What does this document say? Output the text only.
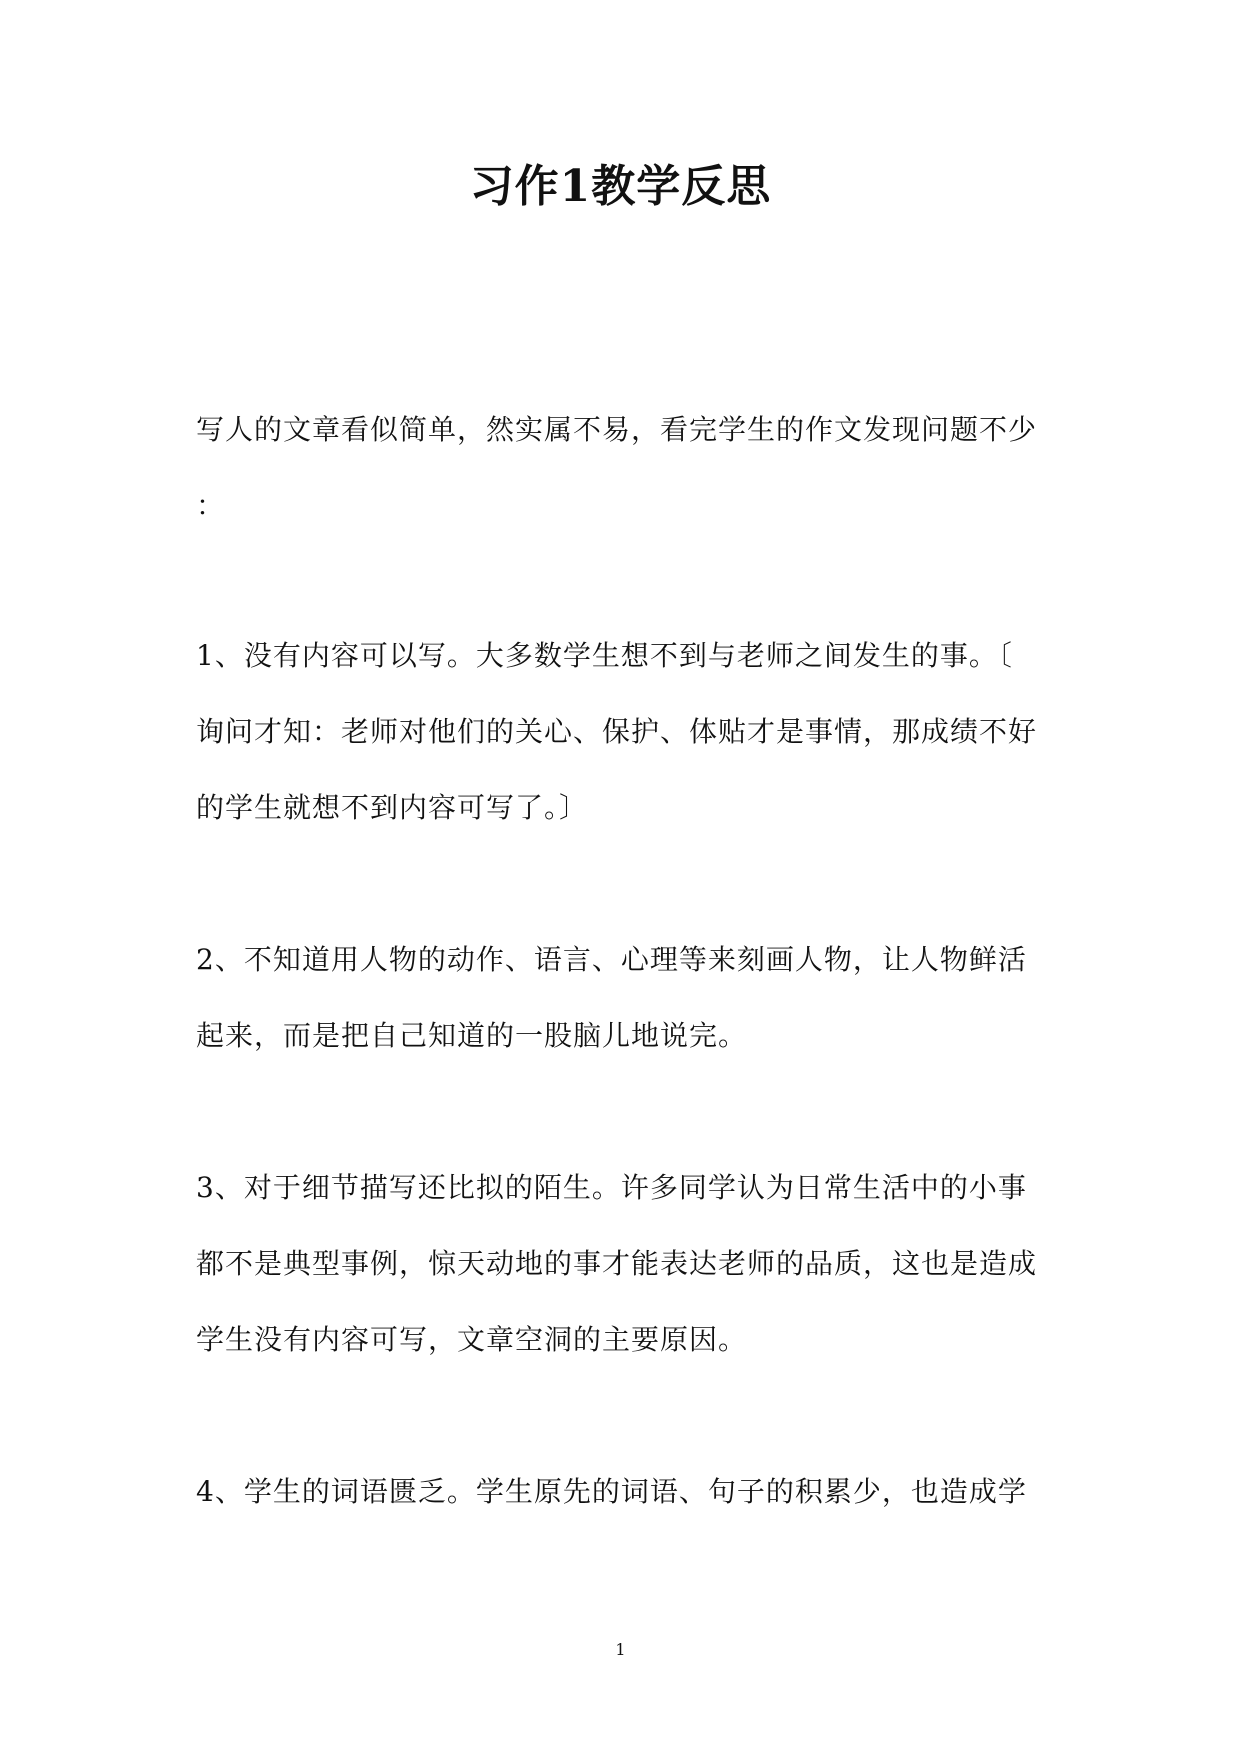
习作1教学反思

写人的文章看似简单，然实属不易，看完学生的作文发现问题不少

：

1、没有内容可以写。大多数学生想不到与老师之间发生的事。〔

询问才知：老师对他们的关心、保护、体贴才是事情，那成绩不好

的学生就想不到内容可写了。〕

2、不知道用人物的动作、语言、心理等来刻画人物，让人物鲜活

起来，而是把自己知道的一股脑儿地说完。

3、对于细节描写还比拟的陌生。许多同学认为日常生活中的小事

都不是典型事例，惊天动地的事才能表达老师的品质，这也是造成

学生没有内容可写，文章空洞的主要原因。

4、学生的词语匮乏。学生原先的词语、句子的积累少，也造成学

1
